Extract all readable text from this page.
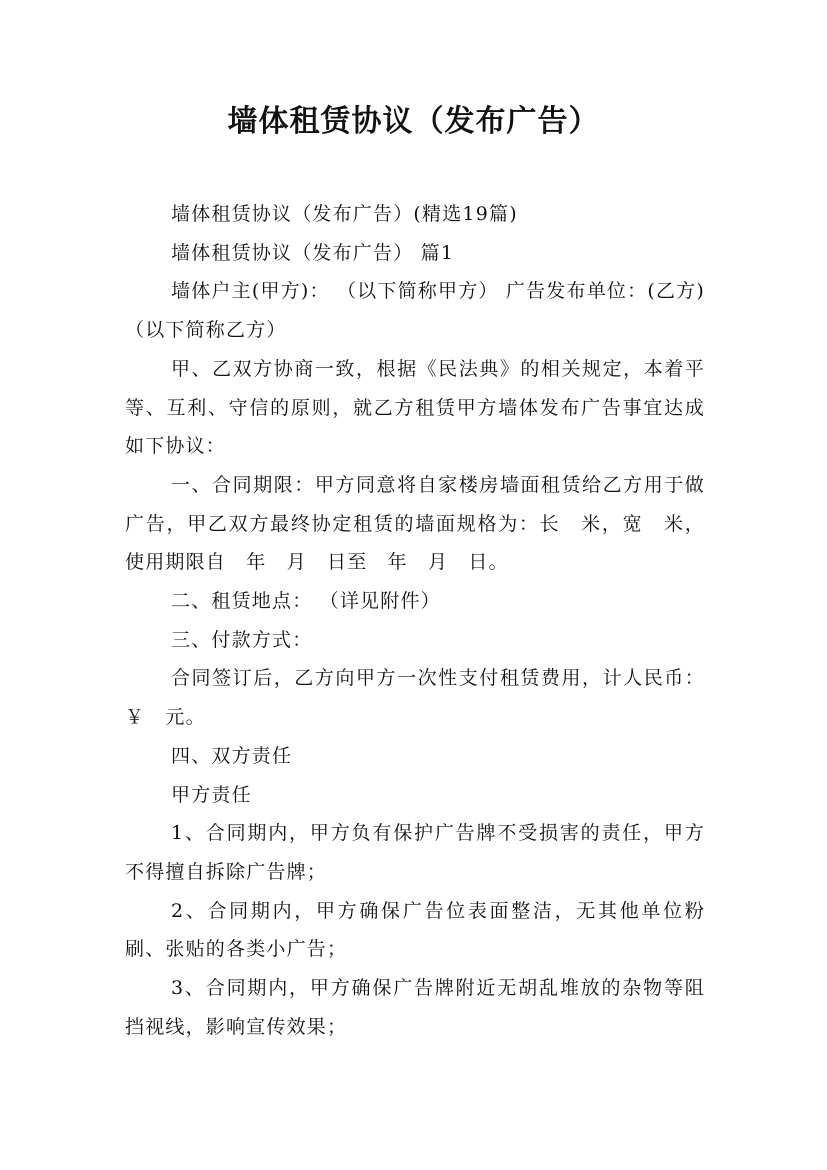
墙体租赁协议（发布广告）

墙体租赁协议（发布广告）(精选19篇)

墙体租赁协议（发布广告） 篇1

墙体户主(甲方)： （以下简称甲方） 广告发布单位：(乙方) （以下简称乙方）

甲、乙双方协商一致，根据《民法典》的相关规定，本着平等、互利、守信的原则，就乙方租赁甲方墙体发布广告事宜达成如下协议：

一、合同期限：甲方同意将自家楼房墙面租赁给乙方用于做广告，甲乙双方最终协定租赁的墙面规格为：长　米，宽　米，使用期限自　年　月　日至　年　月　日。

二、租赁地点： （详见附件）

三、付款方式：

合同签订后，乙方向甲方一次性支付租赁费用，计人民币：￥　元。

四、双方责任

甲方责任

1、合同期内，甲方负有保护广告牌不受损害的责任，甲方不得擅自拆除广告牌；

2、合同期内，甲方确保广告位表面整洁，无其他单位粉刷、张贴的各类小广告；

3、合同期内，甲方确保广告牌附近无胡乱堆放的杂物等阻挡视线，影响宣传效果；
